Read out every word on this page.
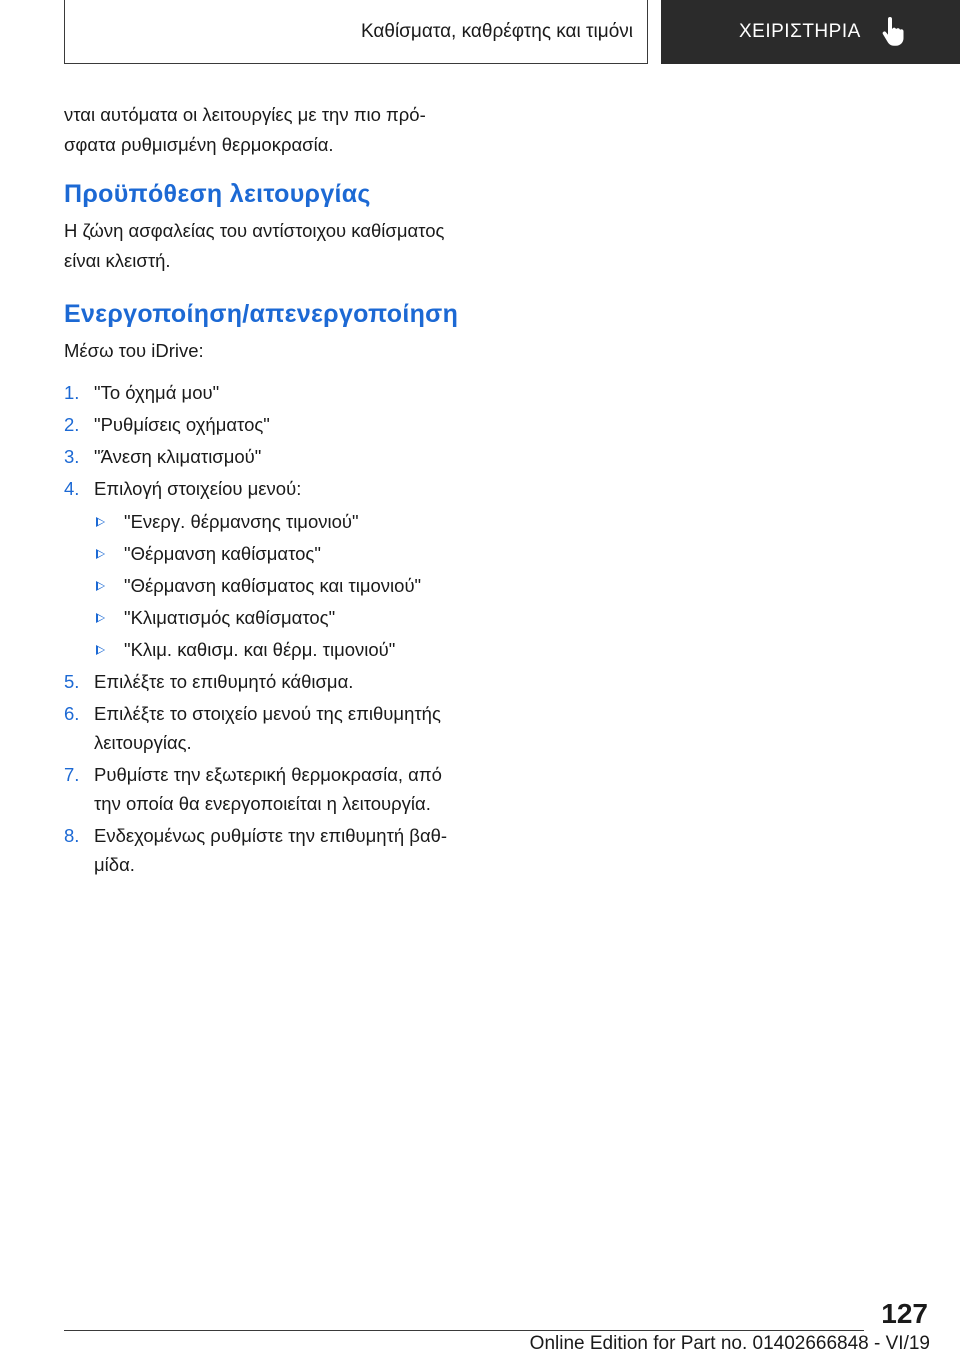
Καθίσματα, καθρέφτης και τιμόνι	ΧΕΙΡΙΣΤΗΡΙΑ

νται αυτόματα οι λειτουργίες με την πιο πρό-
σφατα ρυθμισμένη θερμοκρασία.

Προϋπόθεση λειτουργίας

Η ζώνη ασφαλείας του αντίστοιχου καθίσματος
είναι κλειστή.

Ενεργοποίηση/απενεργοποίηση

Μέσω του iDrive:

1. "Το όχημά μου"
2. "Ρυθμίσεις οχήματος"
3. "Άνεση κλιματισμού"
4. Επιλογή στοιχείου μενού:
"Ενεργ. θέρμανσης τιμονιού"
"Θέρμανση καθίσματος"
"Θέρμανση καθίσματος και τιμονιού"
"Κλιματισμός καθίσματος"
"Κλιμ. καθισμ. και θέρμ. τιμονιού"
5. Επιλέξτε το επιθυμητό κάθισμα.
6. Επιλέξτε το στοιχείο μενού της επιθυμητής
λειτουργίας.
7. Ρυθμίστε την εξωτερική θερμοκρασία, από
την οποία θα ενεργοποιείται η λειτουργία.
8. Ενδεχομένως ρυθμίστε την επιθυμητή βαθ-
μίδα.
127
Online Edition for Part no. 01402666848 - VI/19
